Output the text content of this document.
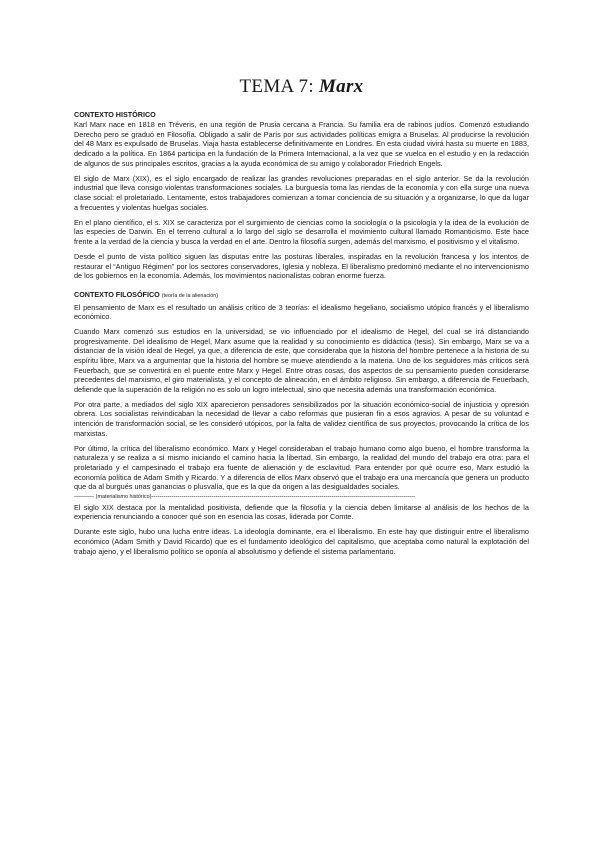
TEMA 7: Marx
CONTEXTO HISTÓRICO

Karl Marx nace en 1818 en Tréveris, en una región de Prusia cercana a Francia. Su familia era de rabinos judíos. Comenzó estudiando Derecho pero se graduó en Filosofía. Obligado a salir de París por sus actividades políticas emigra a Bruselas. Al producirse la revolución del 48 Marx es expulsado de Bruselas. Viaja hasta establecerse definitivamente en Londres. En esta ciudad vivirá hasta su muerte en 1883, dedicado a la política. En 1864 participa en la fundación de la Primera Internacional, a la vez que se vuelca en el estudio y en la redacción de algunos de sus principales escritos, gracias a la ayuda económica de su amigo y colaborador Friedrich Engels.

El siglo de Marx (XIX), es el siglo encargado de realizar las grandes revoluciones preparadas en el siglo anterior. Se da la revolución industrial que lleva consigo violentas transformaciones sociales. La burguesía toma las riendas de la economía y con ella surge una nueva clase social: el proletariado. Lentamente, estos trabajadores comienzan a tomar conciencia de su situación y a organizarse, lo que da lugar a frecuentes y violentas huelgas sociales.

En el plano científico, el s. XIX se caracteriza por el surgimiento de ciencias como la sociología o la psicología y la idea de la evolución de las especies de Darwin. En el terreno cultural a lo largo del siglo se desarrolla el movimiento cultural llamado Romanticismo. Este hace frente a la verdad de la ciencia y busca la verdad en el arte. Dentro la filosofía surgen, además del marxismo, el positivismo y el vitalismo.

Desde el punto de vista político siguen las disputas entre las posturas liberales, inspiradas en la revolución francesa y los intentos de restaurar el “Antiguo Régimen” por los sectores conservadores, Iglesia y nobleza. El liberalismo predominó mediante el no intervencionismo de los gobiernos en la economía. Además, los movimientos nacionalistas cobran enorme fuerza.

CONTEXTO FILOSÓFICO (teoría de la alienación)

El pensamiento de Marx es el resultado un análisis crítico de 3 teorías: el idealismo hegeliano, socialismo utópico francés y el liberalismo económico.

Cuando Marx comenzó sus estudios en la universidad, se vio influenciado por el idealismo de Hegel, del cual se irá distanciando progresivamente. Del idealismo de Hegel, Marx asume que la realidad y su conocimiento es didáctica (tesis). Sin embargo, Marx se va a distanciar de la visión ideal de Hegel, ya que, a diferencia de este, que consideraba que la historia del hombre pertenece a la historia de su espíritu libre, Marx va a argumentar que la historia del hombre se mueve atendiendo a la materia. Uno de los seguidores más críticos será Feuerbach, que se convertirá en el puente entre Marx y Hegel. Entre otras cosas, dos aspectos de su pensamiento pueden considerarse precedentes del marxismo, el giro materialista, y el concepto de alineación, en el ámbito religioso. Sin embargo, a diferencia de Feuerbach, defiende que la superación de la religión no es solo un logro intelectual, sino que necesita además una transformación económica.

Por otra parte, a mediados del siglo XIX aparecieron pensadores sensibilizados por la situación económico-social de injusticia y opresión obrera. Los socialistas reivindicaban la necesidad de llevar a cabo reformas que pusieran fin a esos agravios. A pesar de su voluntad e intención de transformación social, se les consideró utópicos, por la falta de validez científica de sus proyectos, provocando la crítica de los marxistas.

Por último, la crítica del liberalismo económico. Marx y Hegel consideraban el trabajo humano como algo bueno, el hombre transforma la naturaleza y se realiza a sí mismo iniciando el camino hacia la libertad. Sin embargo, la realidad del mundo del trabajo era otra: para el proletariado y el campesinado el trabajo era fuente de alienación y de esclavitud. Para entender por qué ocurre eso, Marx estudió la economía política de Adam Smith y Ricardo. Y a diferencia de ellos Marx observó que el trabajo era una mercancía que genera un producto que da al burgués unas ganancias o plusvalía, que es la que da origen a las desigualdades sociales.

---------- (materialismo histórico)------------------------------------------------------------------------------------------------------------------------------------

El siglo XIX destaca por la mentalidad positivista, defiende que la filosofía y la ciencia deben limitarse al análisis de los hechos de la experiencia renunciando a conocer qué son en esencia las cosas, liderada por Comte.

Durante este siglo, hubo una lucha entre ideas. La ideología dominante, era el liberalismo. En este hay que distinguir entre el liberalismo económico (Adam Smith y David Ricardo) que es el fundamento ideológico del capitalismo, que aceptaba como natural la explotación del trabajo ajeno, y el liberalismo político se oponía al absolutismo y defiende el sistema parlamentario.
